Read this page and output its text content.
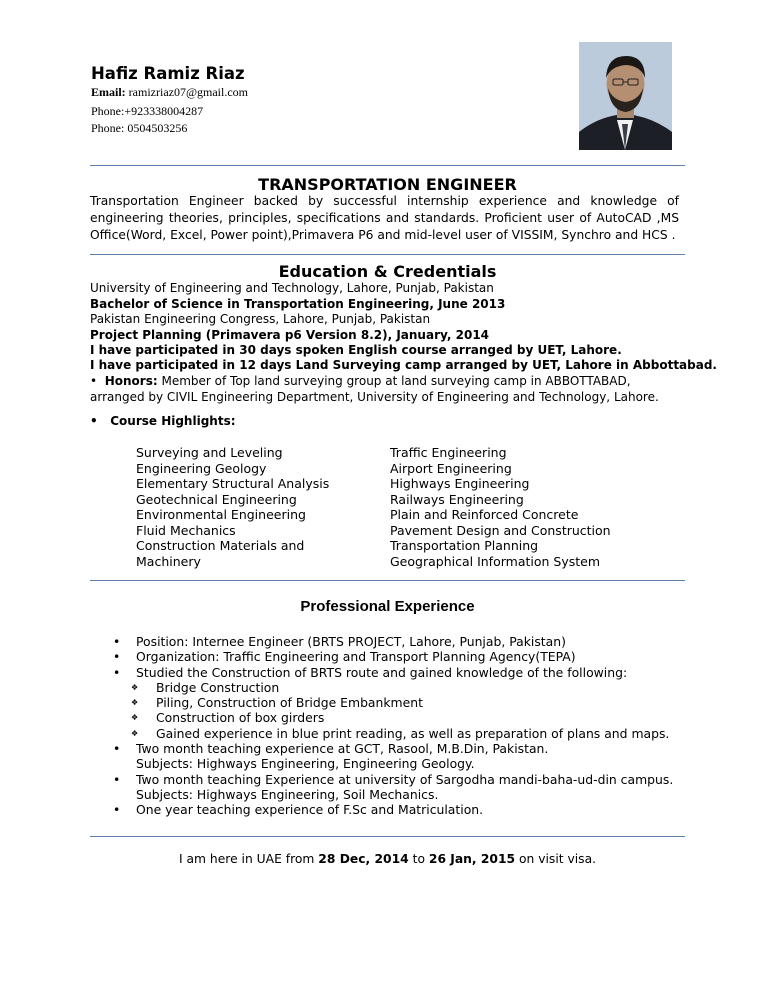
Hafiz Ramiz Riaz
Email: ramizriaz07@gmail.com
Phone:+923338004287
Phone: 0504503256
TRANSPORTATION ENGINEER
Transportation Engineer backed by successful internship experience and knowledge of engineering theories, principles, specifications and standards. Proficient user of AutoCAD ,MS Office(Word, Excel, Power point),Primavera P6 and mid-level user of VISSIM, Synchro and HCS .
Education & Credentials
University of Engineering and Technology, Lahore, Punjab, Pakistan
Bachelor of Science in Transportation Engineering, June 2013
Pakistan Engineering Congress, Lahore, Punjab, Pakistan
Project Planning (Primavera p6 Version 8.2), January, 2014
I have participated in 30 days spoken English course arranged by UET, Lahore.
I have participated in 12 days Land Surveying camp arranged by UET, Lahore in Abbottabad.
• Honors: Member of Top land surveying group at land surveying camp in ABBOTTABAD,
arranged by CIVIL Engineering Department, University of Engineering and Technology, Lahore.
• Course Highlights:
Surveying and Leveling
Engineering Geology
Elementary Structural Analysis
Geotechnical Engineering
Environmental Engineering
Fluid Mechanics
Construction Materials and
Machinery
Traffic Engineering
Airport Engineering
Highways Engineering
Railways Engineering
Plain and Reinforced Concrete
Pavement Design and Construction
Transportation Planning
Geographical Information System
Professional Experience
• Position: Internee Engineer (BRTS PROJECT, Lahore, Punjab, Pakistan)
• Organization: Traffic Engineering and Transport Planning Agency(TEPA)
• Studied the Construction of BRTS route and gained knowledge of the following:
❖ Bridge Construction
❖ Piling, Construction of Bridge Embankment
❖ Construction of box girders
❖ Gained experience in blue print reading, as well as preparation of plans and maps.
• Two month teaching experience at GCT, Rasool, M.B.Din, Pakistan.
Subjects: Highways Engineering, Engineering Geology.
• Two month teaching Experience at university of Sargodha mandi-baha-ud-din campus.
Subjects: Highways Engineering, Soil Mechanics.
• One year teaching experience of F.Sc and Matriculation.
I am here in UAE from 28 Dec, 2014 to 26 Jan, 2015 on visit visa.
